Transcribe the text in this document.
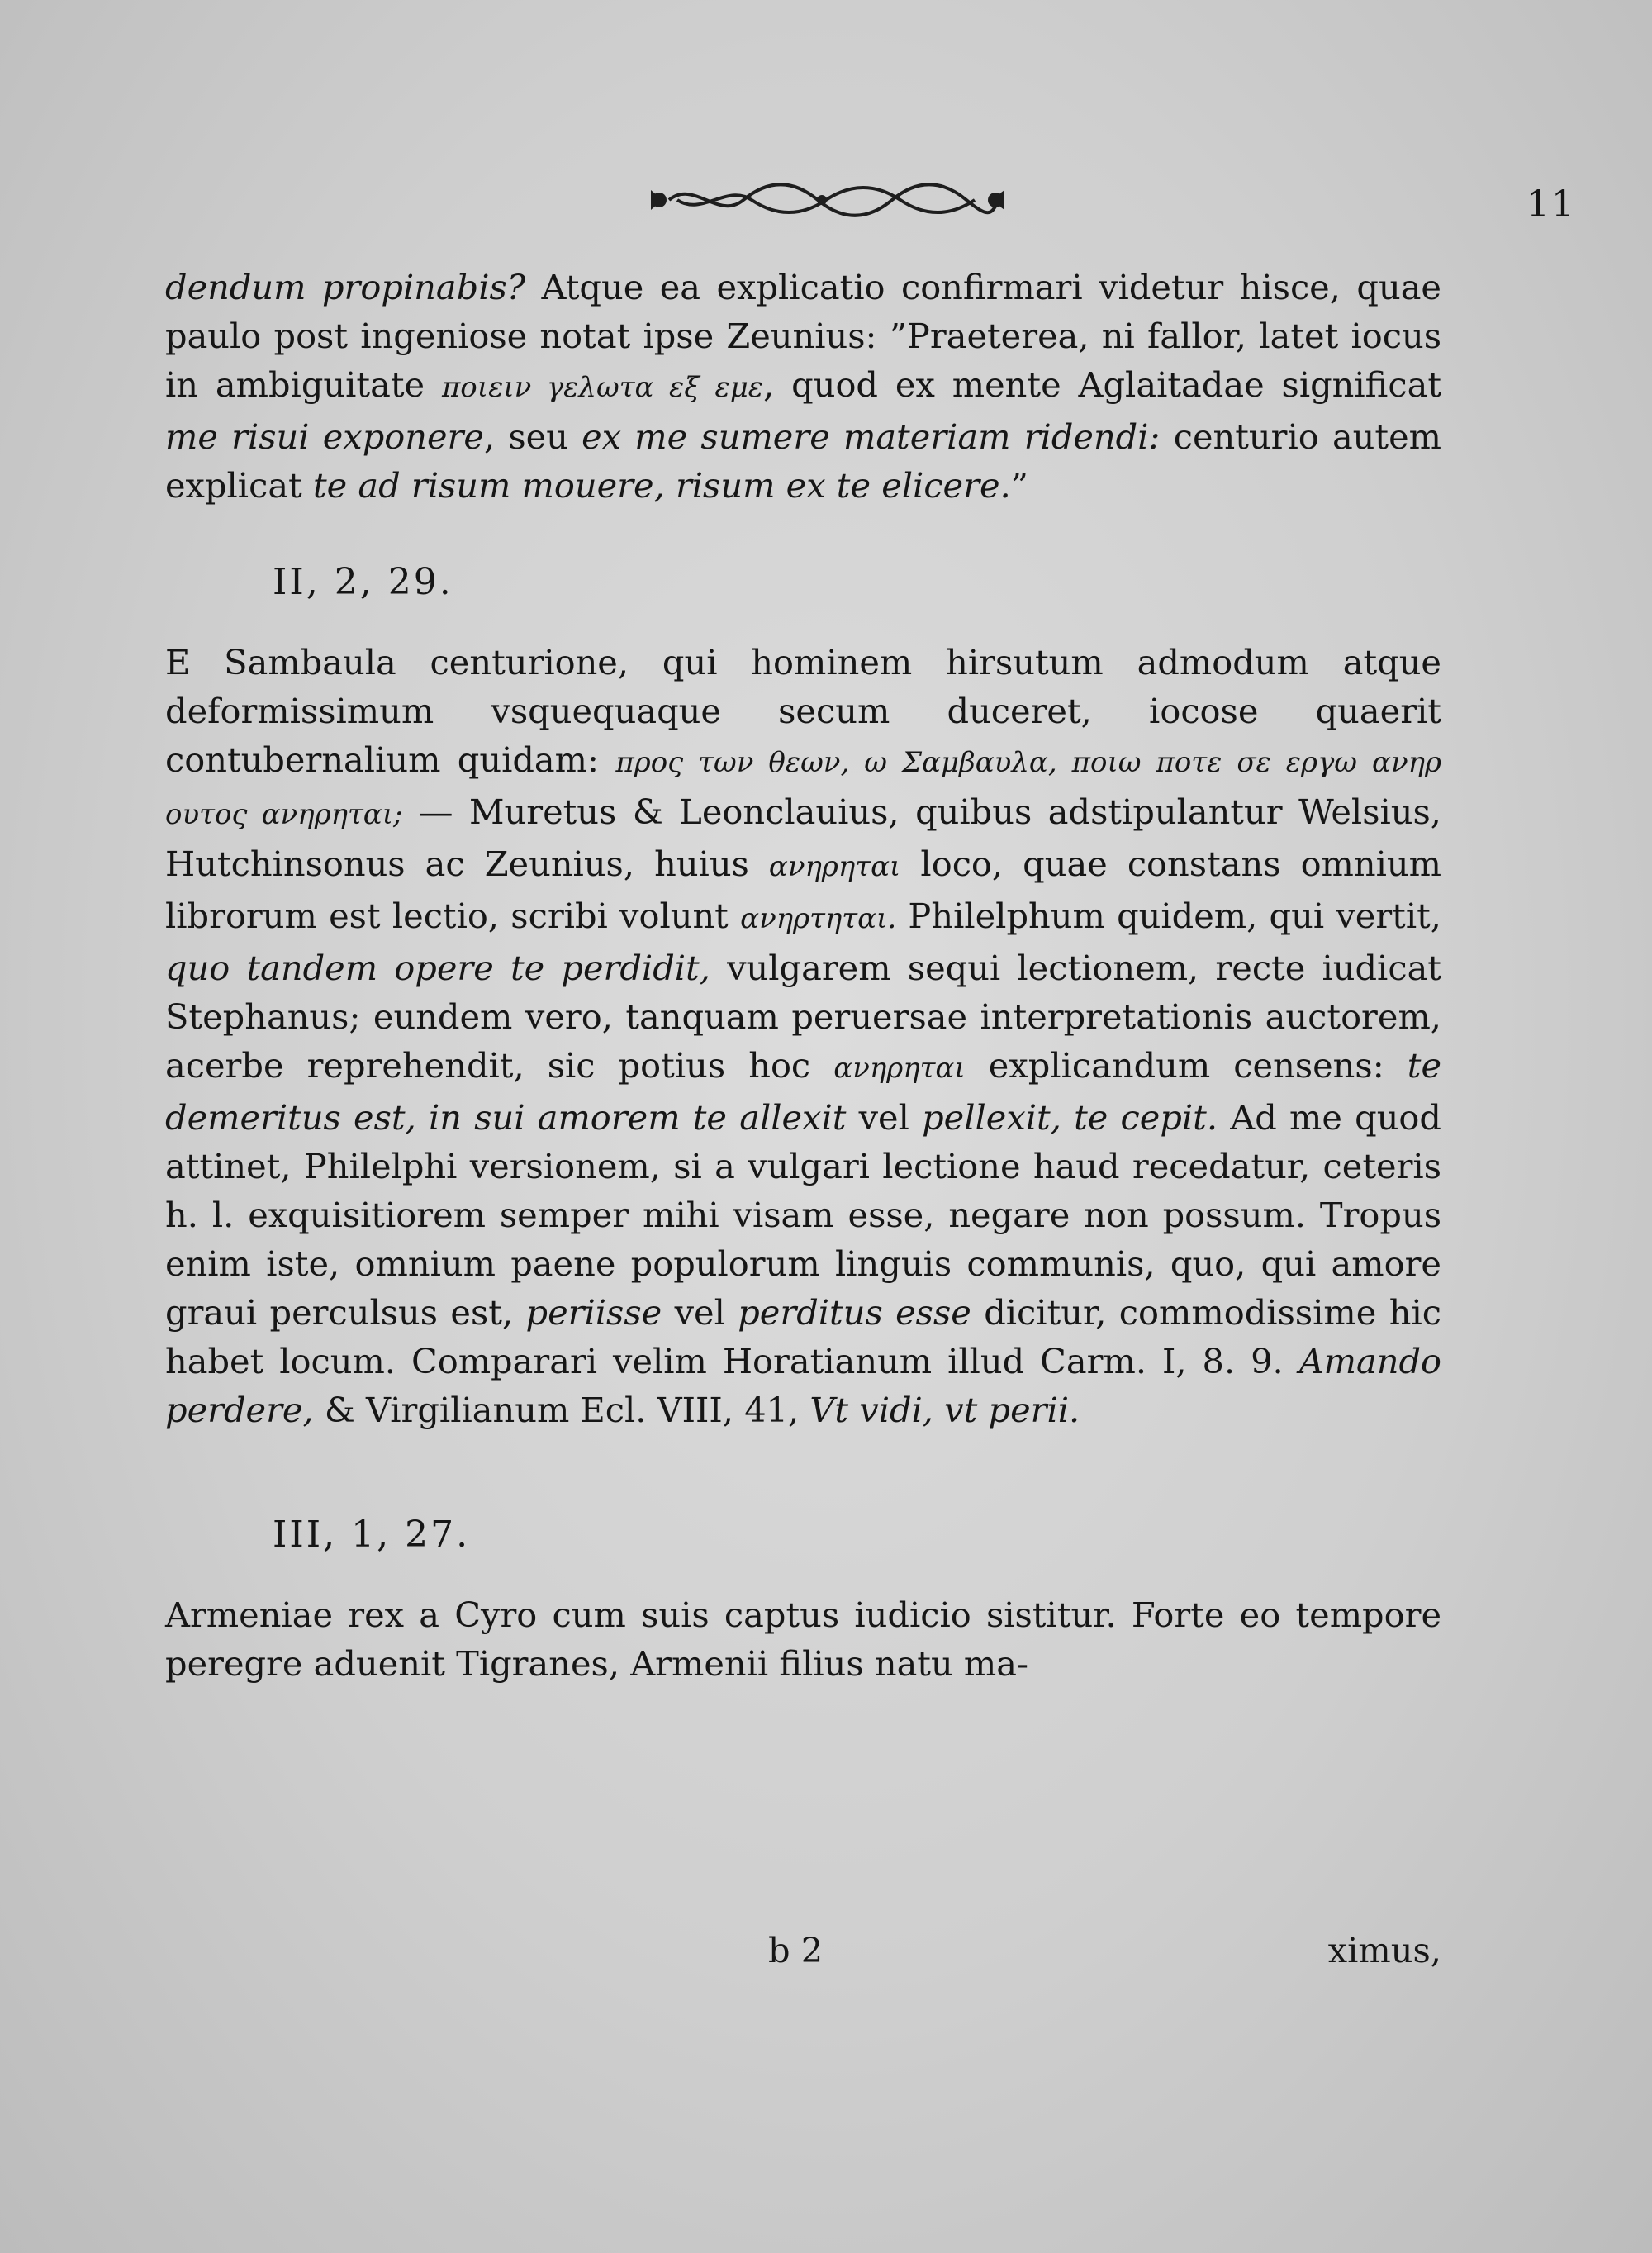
11

dendum propinabis? Atque ea explicatio confirmari videtur hisce, quae paulo post ingeniose notat ipse Zeunius: ”Praeterea, ni fallor, latet iocus in ambiguitate ποιειν γελωτα εξ εμε, quod ex mente Aglaitadae significat me risui exponere, seu ex me sumere materiam ridendi: centurio autem explicat te ad risum mouere, risum ex te elicere.”

II, 2, 29.

E Sambaula centurione, qui hominem hirsutum admodum atque deformissimum vsquequaque secum duceret, iocose quaerit contubernalium quidam: προς των θεων, ω Σαμβαυλα, ποιω ποτε σε εργω ανηρ ουτος ανηρηται; — Muretus & Leonclauius, quibus adstipulantur Welsius, Hutchinsonus ac Zeunius, huius ανηρηται loco, quae constans omnium librorum est lectio, scribi volunt ανηρτηται. Philelphum quidem, qui vertit, quo tandem opere te perdidit, vulgarem sequi lectionem, recte iudicat Stephanus; eundem vero, tanquam peruersae interpretationis auctorem, acerbe reprehendit, sic potius hoc ανηρηται explicandum censens: te demeritus est, in sui amorem te allexit vel pellexit, te cepit. Ad me quod attinet, Philelphi versionem, si a vulgari lectione haud recedatur, ceteris h. l. exquisitiorem semper mihi visam esse, negare non possum. Tropus enim iste, omnium paene populorum linguis communis, quo, qui amore graui perculsus est, periisse vel perditus esse dicitur, commodissime hic habet locum. Comparari velim Horatianum illud Carm. I, 8. 9. Amando perdere, & Virgilianum Ecl. VIII, 41, Vt vidi, vt perii.

III, 1, 27.

Armeniae rex a Cyro cum suis captus iudicio sistitur. Forte eo tempore peregre aduenit Tigranes, Armenii filius natu ma-

b 2	ximus,
